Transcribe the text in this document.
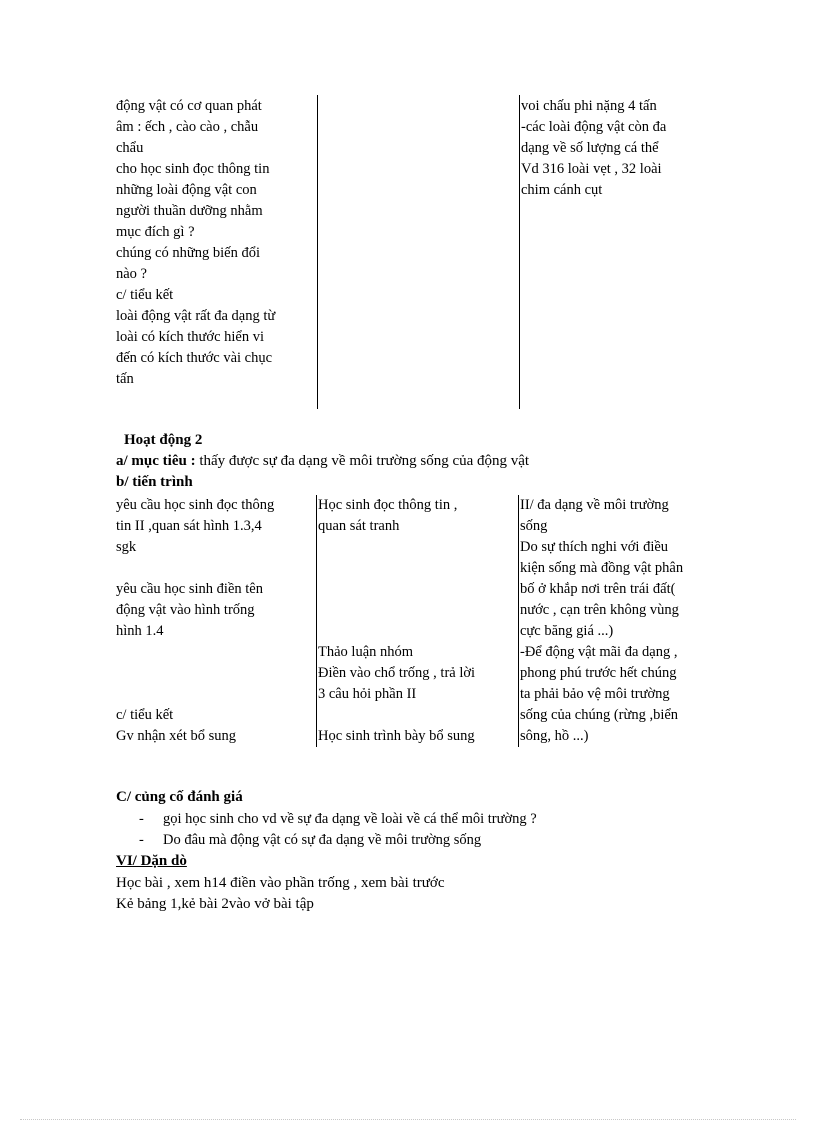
động vật có cơ quan phát
âm : ếch , cào cào , chẫu
chẩu
cho học sinh đọc thông tin
những loài động vật con
người thuần dưỡng nhằm
mục đích gì ?
chúng có những biến đổi
nào ?
c/ tiểu kết
loài động vật rất đa dạng từ
loài có kích thước hiển vi
đến có kích thước vài chục
tấn
voi chấu phi nặng 4 tấn
-các loài động vật còn đa
dạng về số lượng cá thể
Vd 316 loài vẹt , 32 loài
chim cánh cụt
Hoạt động 2
a/ mục tiêu : thấy được sự đa dạng về môi trường sống của động vật
b/ tiến trình
yêu cầu học sinh đọc thông
tin II ,quan sát hình 1.3,4
sgk

yêu cầu học sinh điền tên
động vật vào hình trống
hình 1.4

c/ tiểu kết
Gv nhận xét bổ sung
Học sinh đọc thông tin ,
quan sát tranh

Thảo luận nhóm
Điền vào chổ trống , trả lời
3 câu hỏi phần II

Học sinh trình bày bổ sung
II/ đa dạng về môi trường
sống
Do sự thích nghi với điều
kiện sống mà đồng vật phân
bố ở khắp nơi trên trái đất(
nước , cạn trên không vùng
cực băng giá ...)
-Để động vật mãi đa dạng ,
phong phú trước hết chúng
ta phải bảo vệ môi trường
sống của chúng (rừng ,biển
sông, hồ ...)
C/ củng cố đánh giá
- gọi học sinh cho vd về sự đa dạng về loài về cá thể môi trường ?
- Do đâu mà động vật có sự đa dạng về môi trường sống
VI/ Dặn dò
Học bài , xem h14 điền vào phần trống , xem bài trước
Kẻ bảng 1,kẻ bài 2vào vở bài tập
